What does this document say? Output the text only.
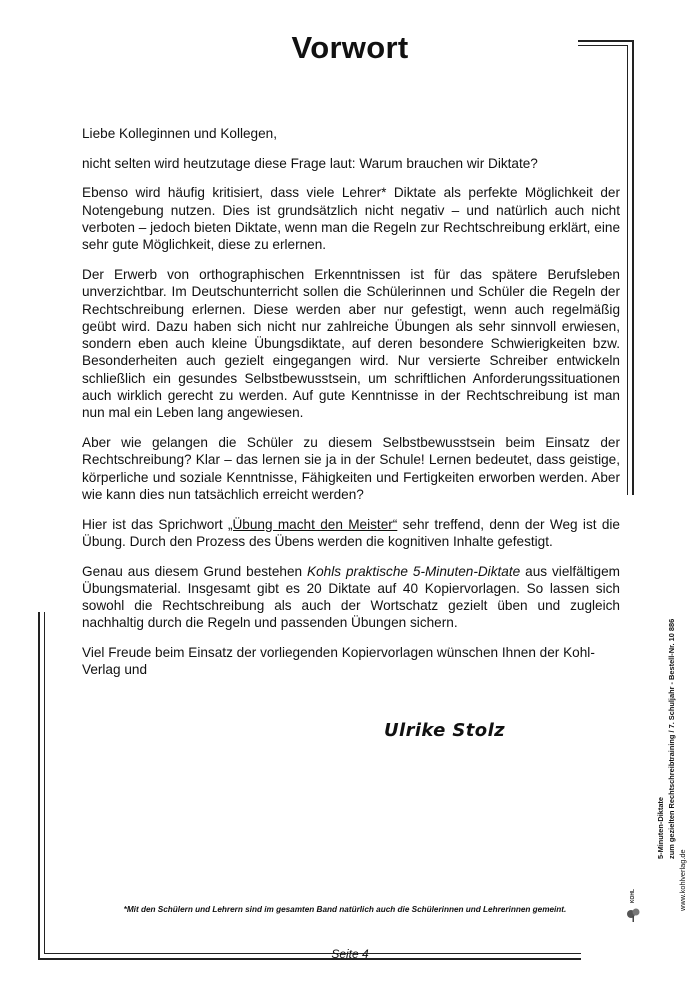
Vorwort

Liebe Kolleginnen und Kollegen,

nicht selten wird heutzutage diese Frage laut: Warum brauchen wir Diktate?

Ebenso wird häufig kritisiert, dass viele Lehrer* Diktate als perfekte Möglichkeit der Notengebung nutzen. Dies ist grundsätzlich nicht negativ – und natürlich auch nicht verboten – jedoch bieten Diktate, wenn man die Regeln zur Rechtschreibung erklärt, eine sehr gute Möglichkeit, diese zu erlernen.

Der Erwerb von orthographischen Erkenntnissen ist für das spätere Berufsleben unverzichtbar. Im Deutschunterricht sollen die Schülerinnen und Schüler die Regeln der Rechtschreibung erlernen. Diese werden aber nur gefestigt, wenn auch regelmäßig geübt wird. Dazu haben sich nicht nur zahlreiche Übungen als sehr sinnvoll erwiesen, sondern eben auch kleine Übungsdiktate, auf deren besondere Schwierigkeiten bzw. Besonderheiten auch gezielt eingegangen wird. Nur versierte Schreiber entwickeln schließlich ein gesundes Selbstbewusstsein, um schriftlichen Anforderungssituationen auch wirklich gerecht zu werden. Auf gute Kenntnisse in der Rechtschreibung ist man nun mal ein Leben lang angewiesen.

Aber wie gelangen die Schüler zu diesem Selbstbewusstsein beim Einsatz der Rechtschreibung? Klar – das lernen sie ja in der Schule! Lernen bedeutet, dass geistige, körperliche und soziale Kenntnisse, Fähigkeiten und Fertigkeiten erworben werden. Aber wie kann dies nun tatsächlich erreicht werden?

Hier ist das Sprichwort „Übung macht den Meister“ sehr treffend, denn der Weg ist die Übung. Durch den Prozess des Übens werden die kognitiven Inhalte gefestigt.

Genau aus diesem Grund bestehen Kohls praktische 5-Minuten-Diktate aus vielfältigem Übungsmaterial. Insgesamt gibt es 20 Diktate auf 40 Kopiervorlagen. So lassen sich sowohl die Rechtschreibung als auch der Wortschatz gezielt üben und zugleich nachhaltig durch die Regeln und passenden Übungen sichern.

Viel Freude beim Einsatz der vorliegenden Kopiervorlagen wünschen Ihnen der Kohl-Verlag und

Ulrike Stolz

*Mit den Schülern und Lehrern sind im gesamten Band natürlich auch die Schülerinnen und Lehrerinnen gemeint.

Seite 4

5-Minuten-Diktate zum gezielten Rechtschreibtraining / 7. Schuljahr - Bestell-Nr. 10 886
www.kohlverlag.de
KOHL
